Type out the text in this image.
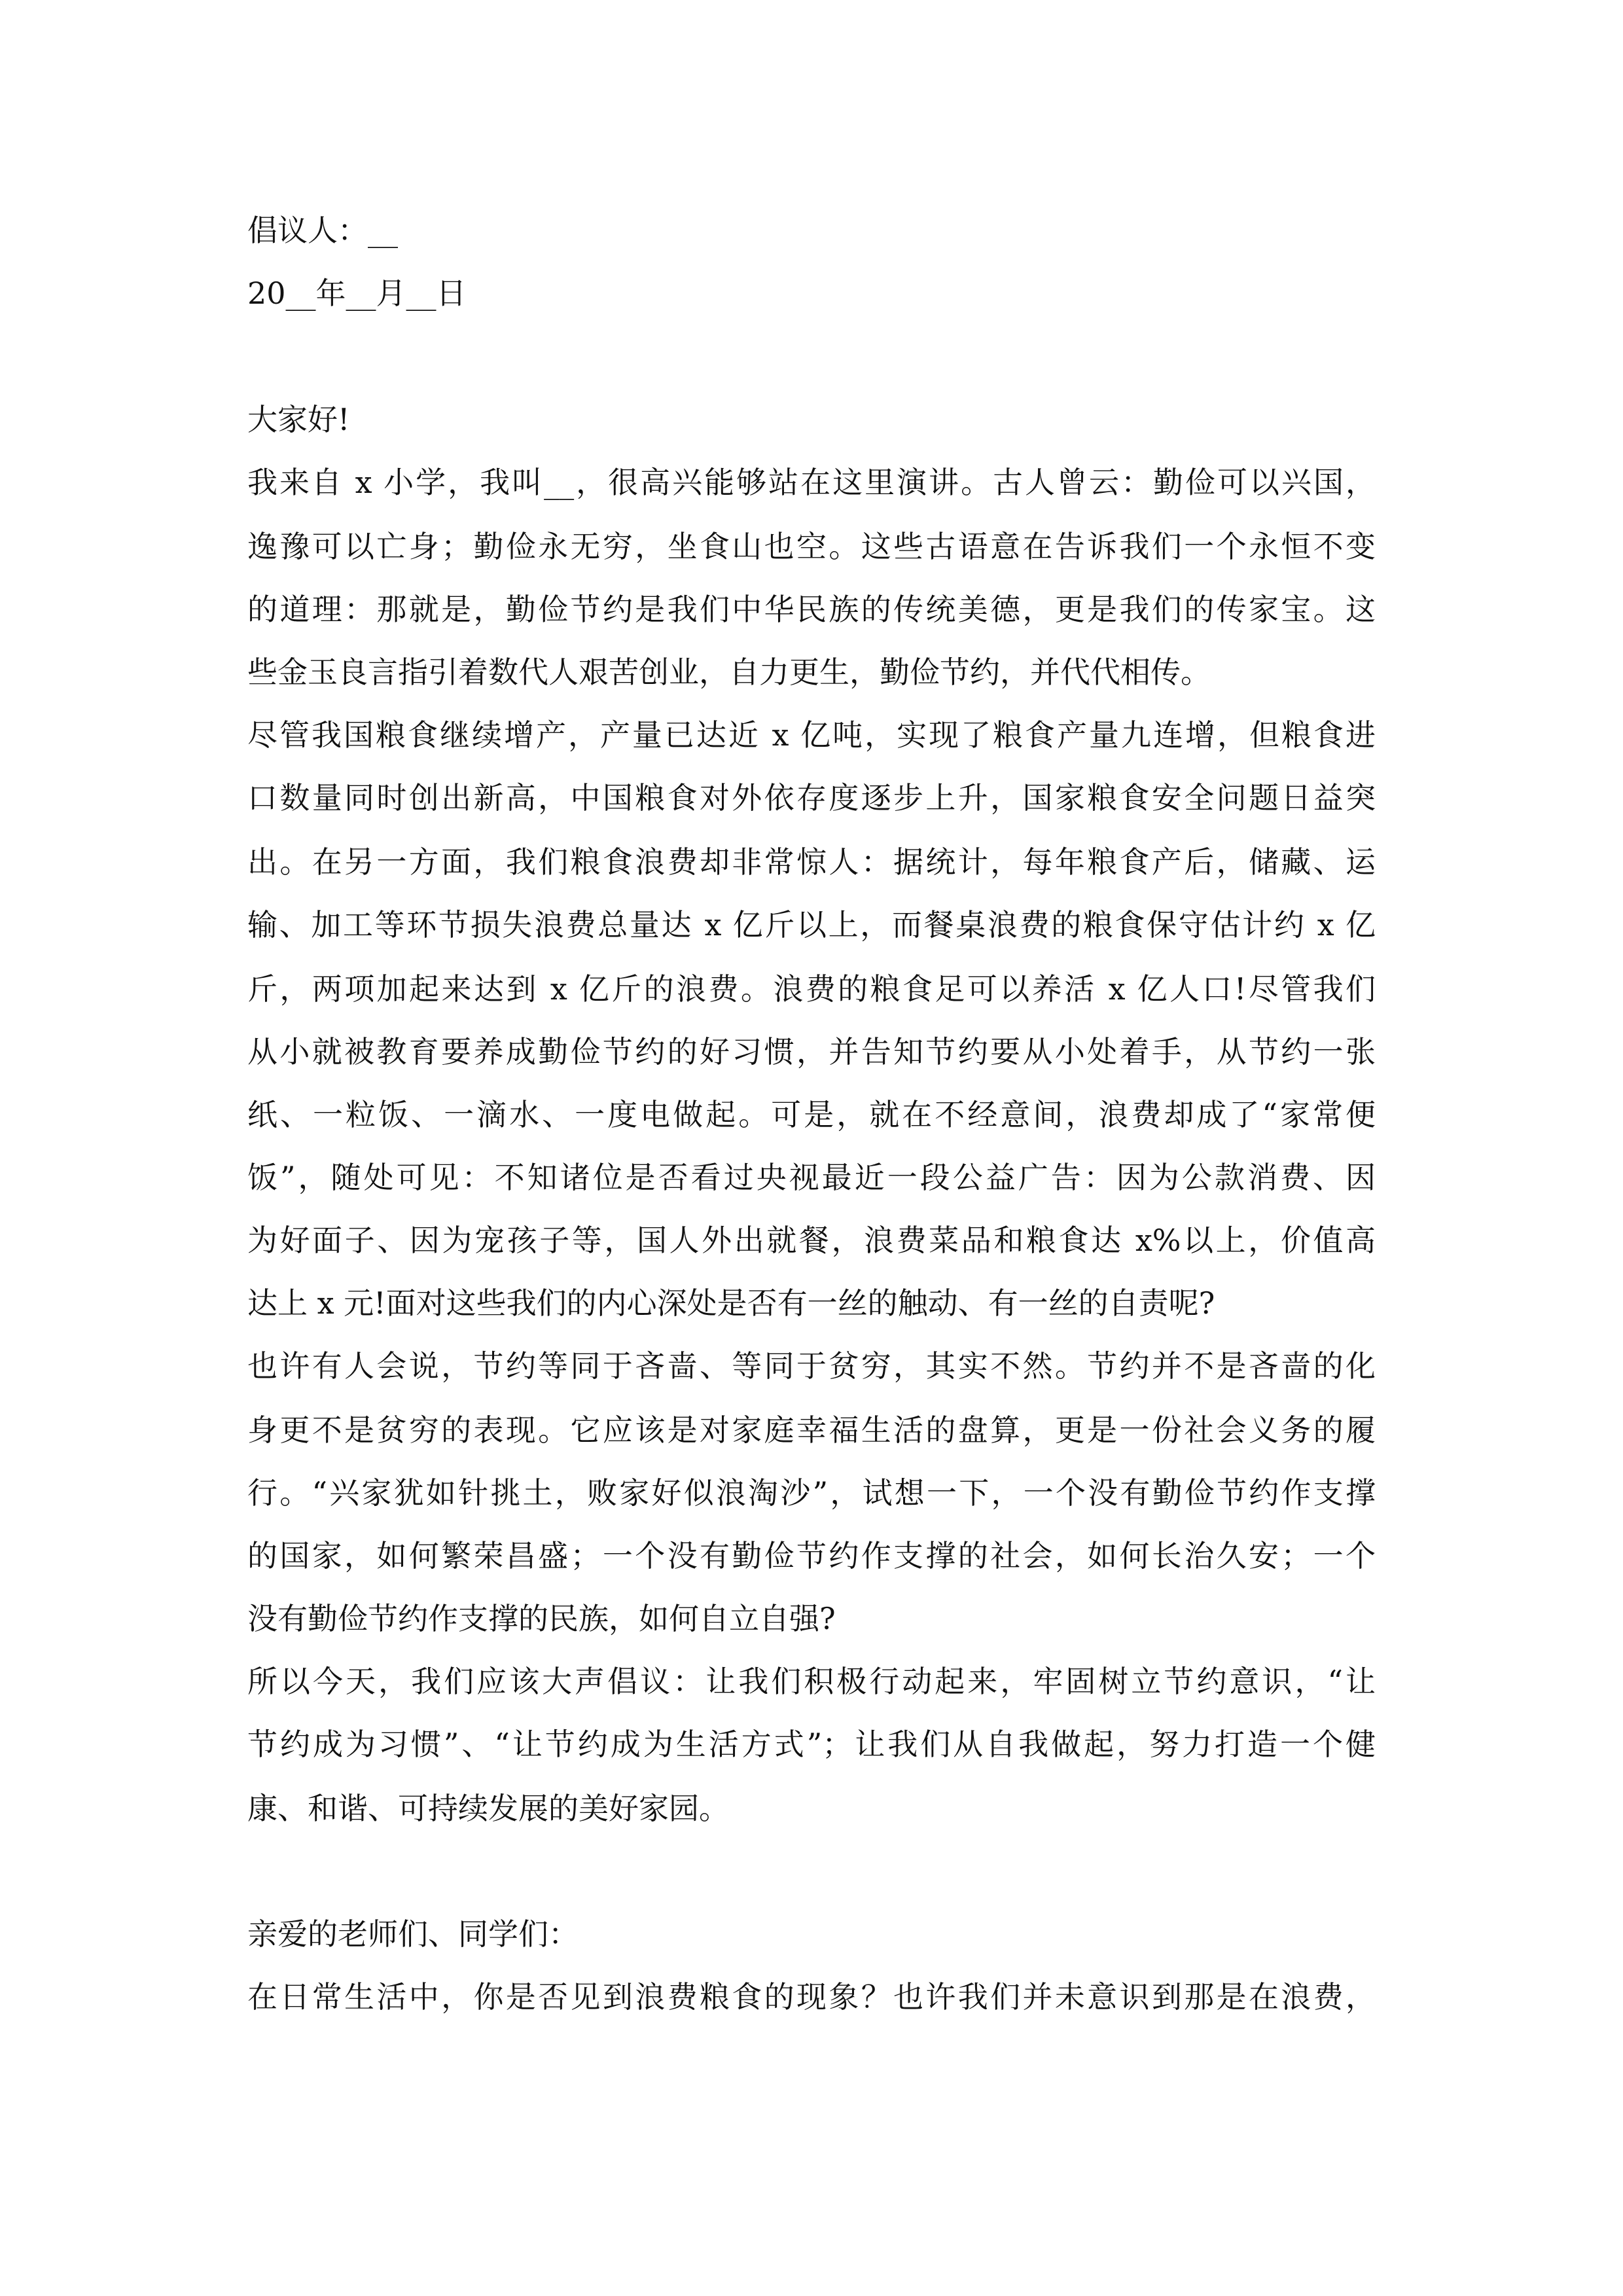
倡议人：__
20__年__月__日
大家好!
我来自 x 小学，我叫__，很高兴能够站在这里演讲。古人曾云：勤俭可以兴国，
逸豫可以亡身；勤俭永无穷，坐食山也空。这些古语意在告诉我们一个永恒不变
的道理：那就是，勤俭节约是我们中华民族的传统美德，更是我们的传家宝。这
些金玉良言指引着数代人艰苦创业，自力更生，勤俭节约，并代代相传。
尽管我国粮食继续增产，产量已达近 x 亿吨，实现了粮食产量九连增，但粮食进
口数量同时创出新高，中国粮食对外依存度逐步上升，国家粮食安全问题日益突
出。在另一方面，我们粮食浪费却非常惊人：据统计，每年粮食产后，储藏、运
输、加工等环节损失浪费总量达 x 亿斤以上，而餐桌浪费的粮食保守估计约 x 亿
斤，两项加起来达到 x 亿斤的浪费。浪费的粮食足可以养活 x 亿人口!尽管我们
从小就被教育要养成勤俭节约的好习惯，并告知节约要从小处着手，从节约一张
纸、一粒饭、一滴水、一度电做起。可是，就在不经意间，浪费却成了“家常便
饭”，随处可见：不知诸位是否看过央视最近一段公益广告：因为公款消费、因
为好面子、因为宠孩子等，国人外出就餐，浪费菜品和粮食达 x%以上，价值高
达上 x 元!面对这些我们的内心深处是否有一丝的触动、有一丝的自责呢?
也许有人会说，节约等同于吝啬、等同于贫穷，其实不然。节约并不是吝啬的化
身更不是贫穷的表现。它应该是对家庭幸福生活的盘算，更是一份社会义务的履
行。“兴家犹如针挑土，败家好似浪淘沙”，试想一下，一个没有勤俭节约作支撑
的国家，如何繁荣昌盛；一个没有勤俭节约作支撑的社会，如何长治久安；一个
没有勤俭节约作支撑的民族，如何自立自强?
所以今天，我们应该大声倡议：让我们积极行动起来，牢固树立节约意识，“让
节约成为习惯”、“让节约成为生活方式”；让我们从自我做起，努力打造一个健
康、和谐、可持续发展的美好家园。
亲爱的老师们、同学们：
在日常生活中，你是否见到浪费粮食的现象？也许我们并未意识到那是在浪费，
